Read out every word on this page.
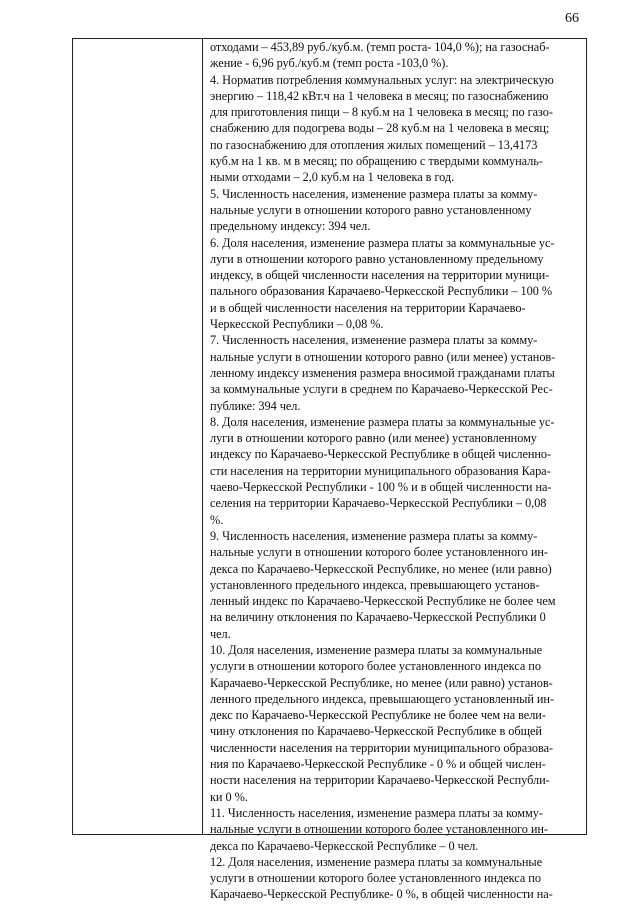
66
отходами – 453,89 руб./куб.м. (темп роста- 104,0 %); на газоснаб-
жение - 6,96 руб./куб.м (темп роста -103,0 %).
4. Норматив потребления коммунальных услуг: на электрическую
энергию – 118,42 кВт.ч на 1 человека в месяц; по газоснабжению
для приготовления пищи – 8 куб.м на 1 человека в месяц; по газо-
снабжению для подогрева воды – 28 куб.м на 1 человека в месяц;
по газоснабжению для отопления жилых помещений – 13,4173
куб.м на 1 кв. м в месяц; по обращению с твердыми коммуналь-
ными отходами – 2,0 куб.м на 1 человека в год.
5. Численность населения, изменение размера платы за комму-
нальные услуги в отношении которого равно установленному
предельному индексу: 394 чел.
6. Доля населения, изменение размера платы за коммунальные ус-
луги в отношении которого равно установленному предельному
индексу, в общей численности населения на территории муници-
пального образования Карачаево-Черкесской Республики – 100 %
и в общей численности населения на территории Карачаево-
Черкесской Республики – 0,08 %.
7. Численность населения, изменение размера платы за комму-
нальные услуги в отношении которого равно (или менее) установ-
ленному индексу изменения размера вносимой гражданами платы
за коммунальные услуги в среднем по Карачаево-Черкесской Рес-
публике: 394 чел.
8. Доля населения, изменение размера платы за коммунальные ус-
луги в отношении которого равно (или менее) установленному
индексу по Карачаево-Черкесской Республике в общей численно-
сти населения на территории муниципального образования Кара-
чаево-Черкесской Республики - 100 % и в общей численности на-
селения на территории Карачаево-Черкесской Республики – 0,08
%.
9. Численность населения, изменение размера платы за комму-
нальные услуги в отношении которого более установленного ин-
декса по Карачаево-Черкесской Республике, но менее (или равно)
установленного предельного индекса, превышающего установ-
ленный индекс по Карачаево-Черкесской Республике не более чем
на величину отклонения по Карачаево-Черкесской Республики 0
чел.
10. Доля населения, изменение размера платы за коммунальные
услуги в отношении которого более установленного индекса по
Карачаево-Черкесской Республике, но менее (или равно) установ-
ленного предельного индекса, превышающего установленный ин-
декс по Карачаево-Черкесской Республике не более чем на вели-
чину отклонения по Карачаево-Черкесской Республике в общей
численности населения на территории муниципального образова-
ния по Карачаево-Черкесской Республике - 0 % и общей числен-
ности населения на территории Карачаево-Черкесской Республи-
ки 0 %.
11. Численность населения, изменение размера платы за комму-
нальные услуги в отношении которого более установленного ин-
декса по Карачаево-Черкесской Республике – 0 чел.
12. Доля населения, изменение размера платы за коммунальные
услуги в отношении которого более установленного индекса по
Карачаево-Черкесской Республике- 0 %, в общей численности на-
